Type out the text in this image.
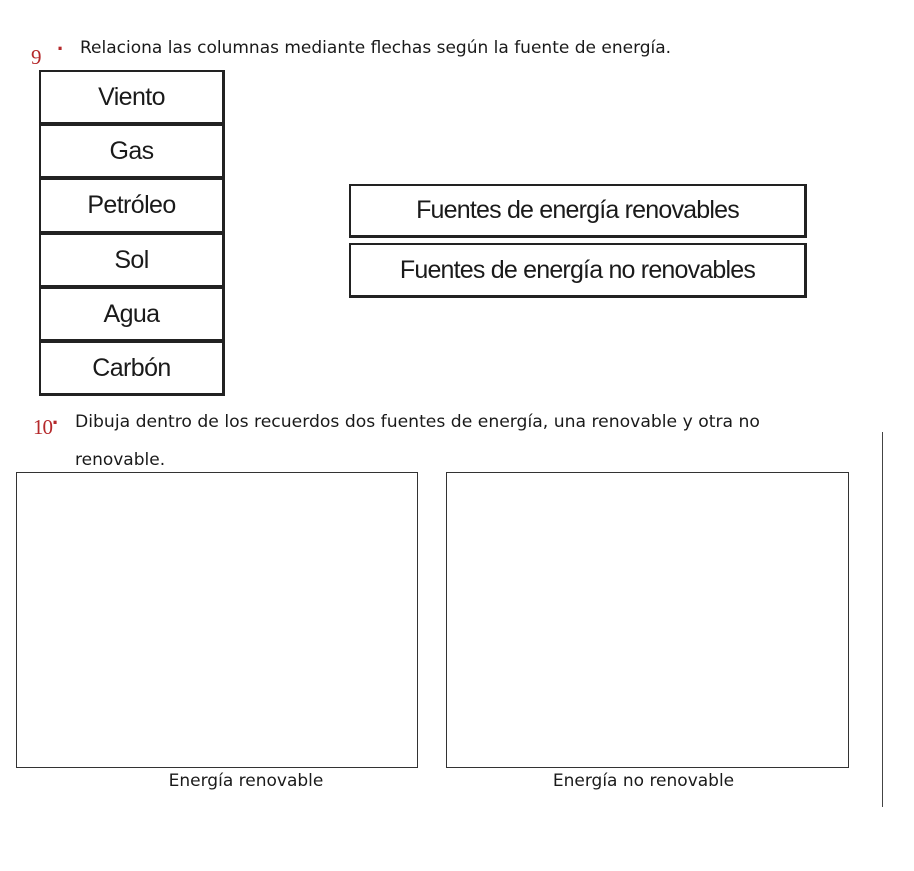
9 · Relaciona las columnas mediante flechas según la fuente de energía.
Viento
Gas
Petróleo
Sol
Agua
Carbón
Fuentes de energía renovables
Fuentes de energía no renovables
10 · Dibuja dentro de los recuerdos dos fuentes de energía, una renovable y otra no
renovable.
Energía renovable	Energía no renovable
